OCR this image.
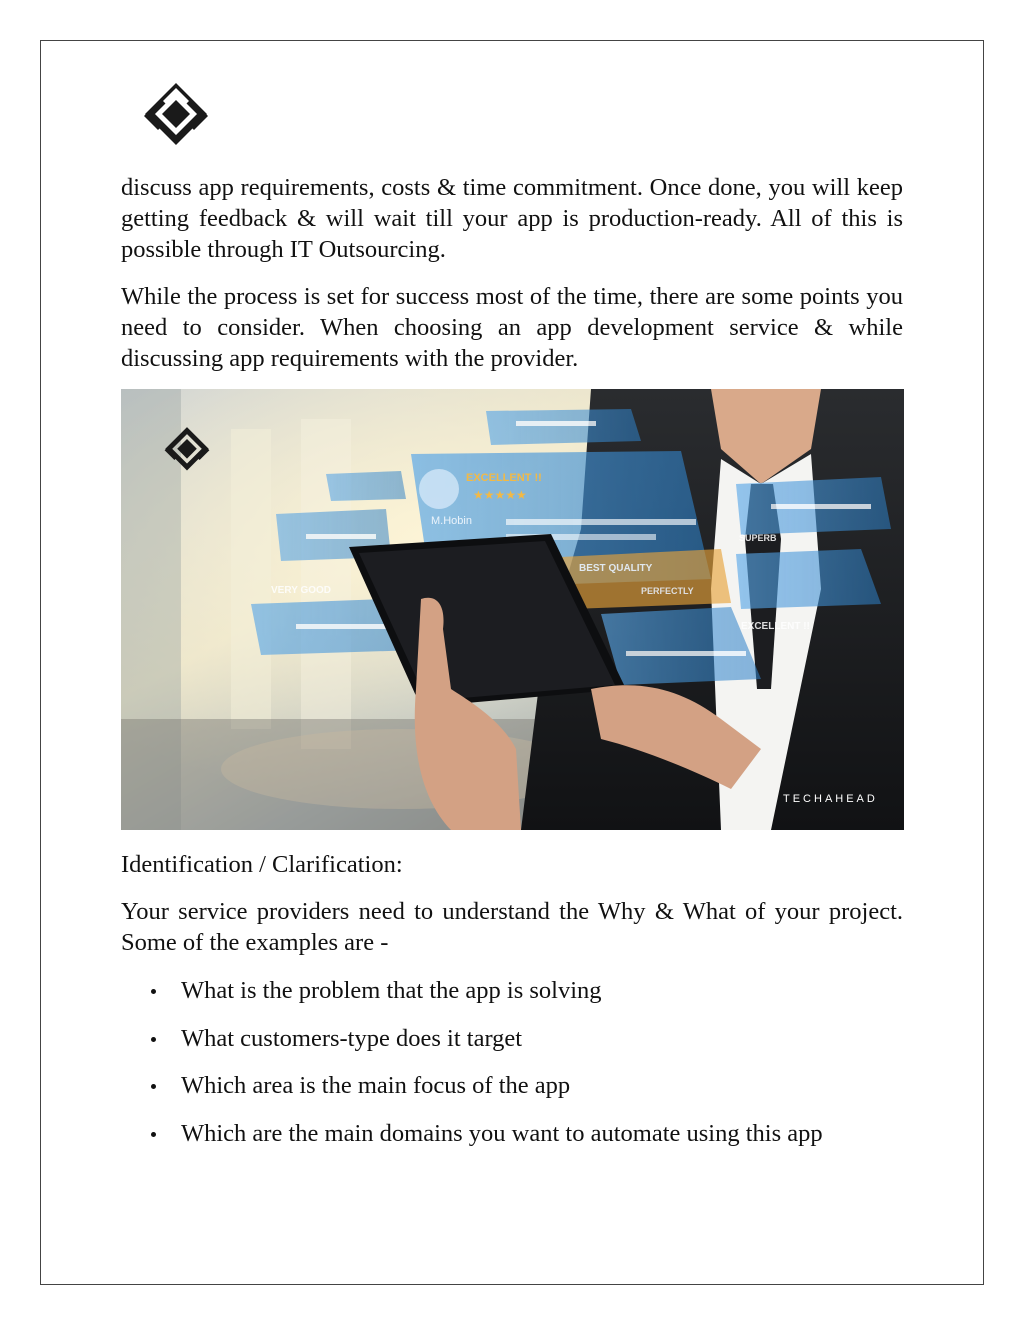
discuss app requirements, costs & time commitment. Once done, you will keep getting feedback & will wait till your app is production-ready. All of this is possible through IT Outsourcing.

While the process is set for success most of the time, there are some points you need to consider. When choosing an app development service & while discussing app requirements with the provider.

EXCELLENT !!
★★★★★
M.Hobin
VERY GOOD
BEST QUALITY
PERFECTLY
SUPERB
EXCELLENT !!
TECHAHEAD
Identification / Clarification:

Your service providers need to understand the Why & What of your project. Some of the examples are -

What is the problem that the app is solving
What customers-type does it target
Which area is the main focus of the app
Which are the main domains you want to automate using this app
